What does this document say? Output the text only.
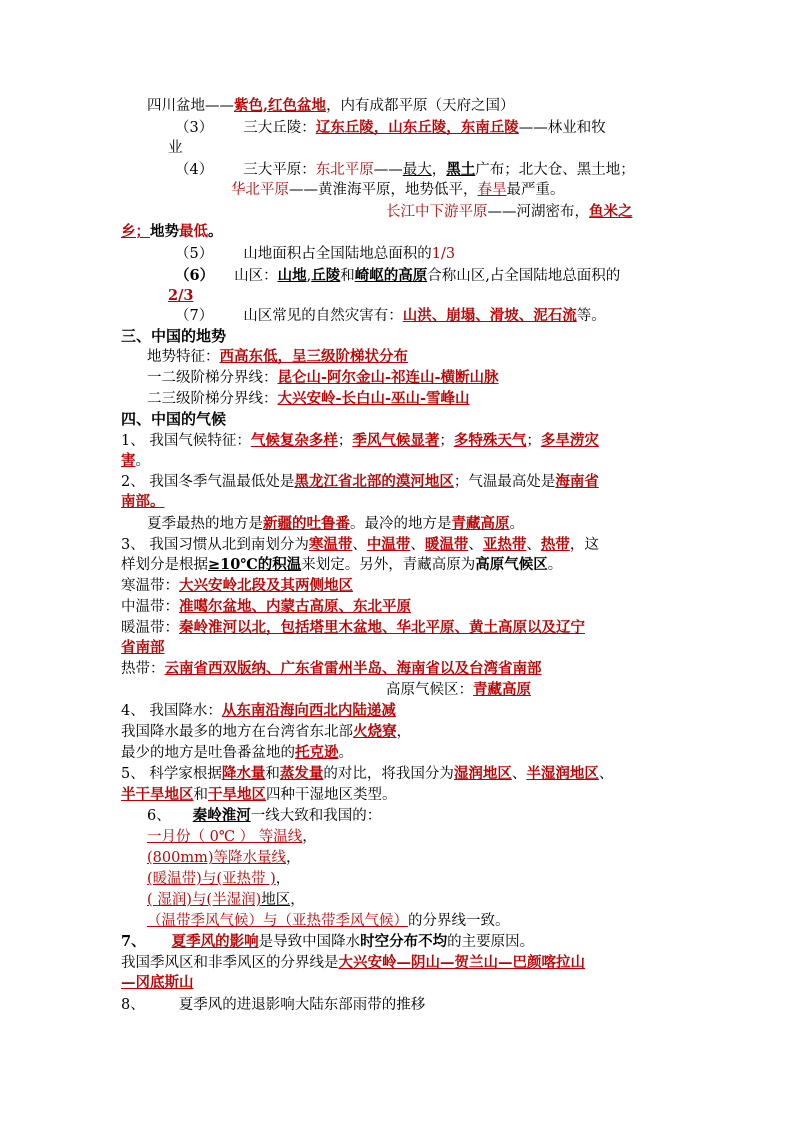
四川盆地——紫色,红色盆地，内有成都平原（天府之国）
（3） 三大丘陵：辽东丘陵，山东丘陵，东南丘陵——林业和牧
业
（4） 三大平原：东北平原——最大，黑土广布；北大仓、黑土地；
华北平原——黄淮海平原，地势低平，春旱最严重。
长江中下游平原——河湖密布，鱼米之
乡；地势最低。
（5） 山地面积占全国陆地总面积的1/3
（6） 山区：山地,丘陵和崎岖的高原合称山区,占全国陆地总面积的
2/3
（7） 山区常见的自然灾害有：山洪、崩塌、滑坡、泥石流等。
三、中国的地势
地势特征：西高东低，呈三级阶梯状分布
一二级阶梯分界线：昆仑山-阿尔金山-祁连山-横断山脉
二三级阶梯分界线：大兴安岭-长白山-巫山-雪峰山
四、中国的气候
1、 我国气候特征：气候复杂多样；季风气候显著；多特殊天气；多旱涝灾
害。
2、 我国冬季气温最低处是黑龙江省北部的漠河地区；气温最高处是海南省
南部。
夏季最热的地方是新疆的吐鲁番。最冷的地方是青藏高原。
3、 我国习惯从北到南划分为寒温带、中温带、暖温带、亚热带、热带，这
样划分是根据≥10℃的积温来划定。另外，青藏高原为高原气候区。
寒温带：大兴安岭北段及其两侧地区
中温带：准噶尔盆地、内蒙古高原、东北平原
暖温带：秦岭淮河以北，包括塔里木盆地、华北平原、黄土高原以及辽宁
省南部
热带：云南省西双版纳、广东省雷州半岛、海南省以及台湾省南部
高原气候区：青藏高原
4、 我国降水：从东南沿海向西北内陆递减
我国降水最多的地方在台湾省东北部火烧寮，
最少的地方是吐鲁番盆地的托克逊。
5、 科学家根据降水量和蒸发量的对比，将我国分为湿润地区、半湿润地区、
半干旱地区和干旱地区四种干湿地区类型。
6、 秦岭淮河一线大致和我国的：
一月份（ 0℃ ） 等温线，
(800mm)等降水量线，
(暖温带)与(亚热带 )，
( 湿润)与(半湿润)地区，
（温带季风气候）与（亚热带季风气候）的分界线一致。
7、 夏季风的影响是导致中国降水时空分布不均的主要原因。
我国季风区和非季风区的分界线是大兴安岭—阴山—贺兰山—巴颜喀拉山
—冈底斯山
8、 夏季风的进退影响大陆东部雨带的推移
